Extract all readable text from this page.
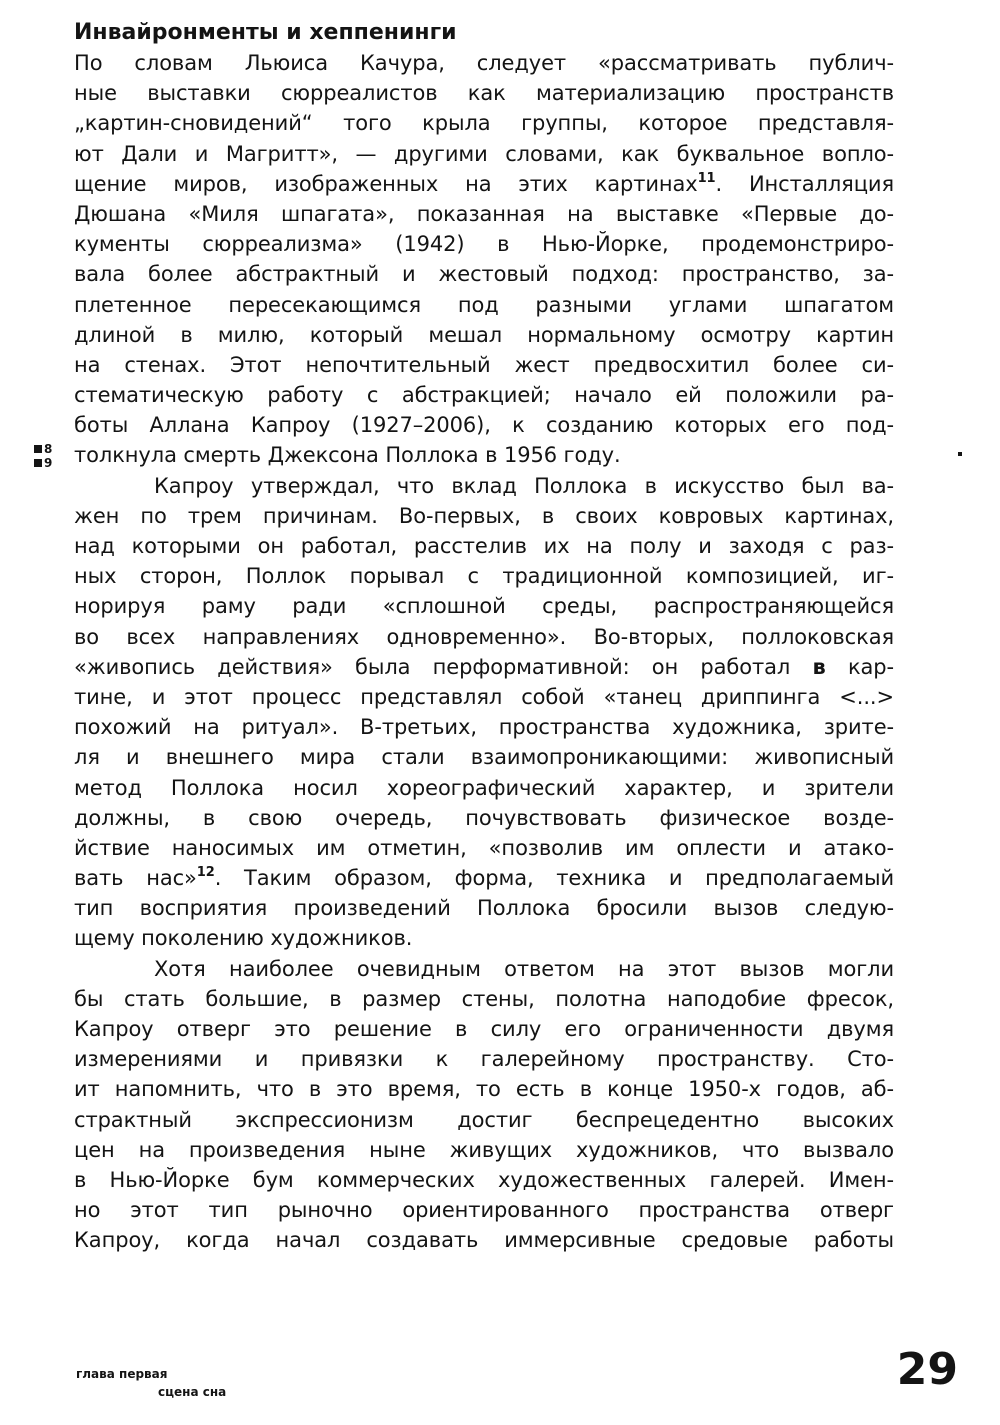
Инвайронменты и хеппенинги
По словам Льюиса Качура, следует «рассматривать публич-
ные выставки сюрреалистов как материализацию пространств
„картин-сновидений“ того крыла группы, которое представля-
ют Дали и Магритт», — другими словами, как буквальное вопло-
щение миров, изображенных на этих картинах$^{11}$. Инсталляция
Дюшана «Миля шпагата», показанная на выставке «Первые до-
кументы сюрреализма» (1942) в Нью-Йорке, продемонстриро-
вала более абстрактный и жестовый подход: пространство, за-
плетенное пересекающимся под разными углами шпагатом
длиной в милю, который мешал нормальному осмотру картин
на стенах. Этот непочтительный жест предвосхитил более си-
стематическую работу с абстракцией; начало ей положили ра-
боты Аллана Капроу (1927–2006), к созданию которых его под-
толкнула смерть Джексона Поллока в 1956 году.
Капроу утверждал, что вклад Поллока в искусство был ва-
жен по трем причинам. Во-первых, в своих ковровых картинах,
над которыми он работал, расстелив их на полу и заходя с раз-
ных сторон, Поллок порывал с традиционной композицией, иг-
норируя раму ради «сплошной среды, распространяющейся
во всех направлениях одновременно». Во-вторых, поллоковская
«живопись действия» была перформативной: он работал в кар-
тине, и этот процесс представлял собой «танец дриппинга <...>
похожий на ритуал». В-третьих, пространства художника, зрите-
ля и внешнего мира стали взаимопроникающими: живописный
метод Поллока носил хореографический характер, и зрители
должны, в свою очередь, почувствовать физическое возде-
йствие наносимых им отметин, «позволив им оплести и атако-
вать нас»$^{12}$. Таким образом, форма, техника и предполагаемый
тип восприятия произведений Поллока бросили вызов следую-
щему поколению художников.
Хотя наиболее очевидным ответом на этот вызов могли
бы стать большие, в размер стены, полотна наподобие фресок,
Капроу отверг это решение в силу его ограниченности двумя
измерениями и привязки к галерейному пространству. Сто-
ит напомнить, что в это время, то есть в конце 1950-х годов, аб-
страктный экспрессионизм достиг беспрецедентно высоких
цен на произведения ныне живущих художников, что вызвало
в Нью-Йорке бум коммерческих художественных галерей. Имен-
но этот тип рыночно ориентированного пространства отверг
Капроу, когда начал создавать иммерсивные средовые работы
8
9
глава первая
сцена сна	29
